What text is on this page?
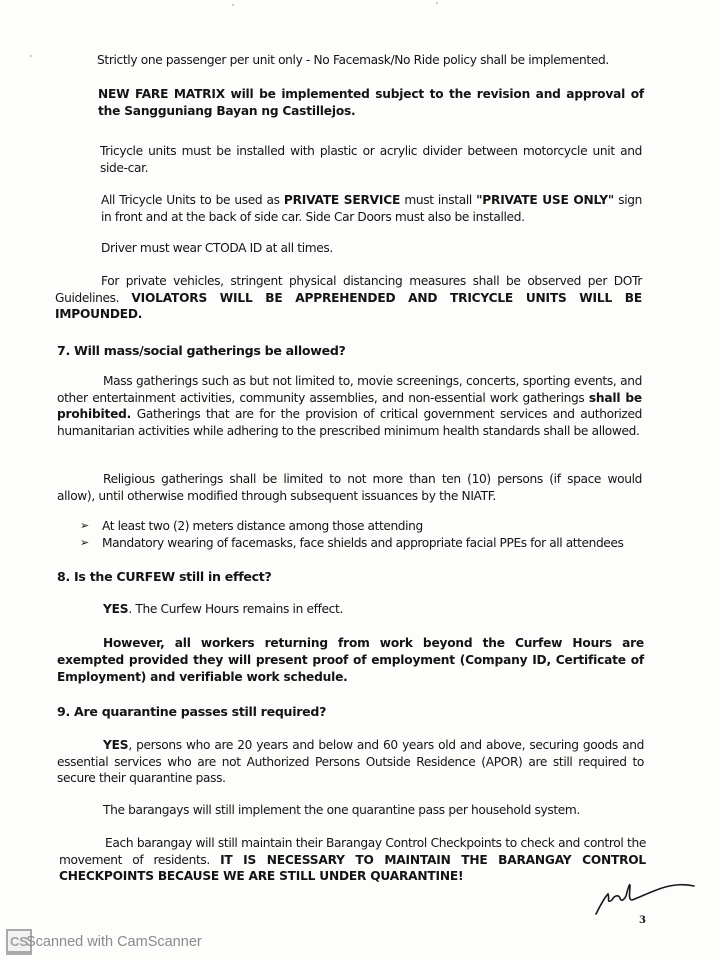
Strictly one passenger per unit only - No Facemask/No Ride policy shall be implemented.

NEW FARE MATRIX will be implemented subject to the revision and approval of the Sangguniang Bayan ng Castillejos.

Tricycle units must be installed with plastic or acrylic divider between motorcycle unit and side-car.

All Tricycle Units to be used as PRIVATE SERVICE must install "PRIVATE USE ONLY" sign in front and at the back of side car. Side Car Doors must also be installed.

Driver must wear CTODA ID at all times.

For private vehicles, stringent physical distancing measures shall be observed per DOTr Guidelines. VIOLATORS WILL BE APPREHENDED AND TRICYCLE UNITS WILL BE IMPOUNDED.

7. Will mass/social gatherings be allowed?

Mass gatherings such as but not limited to, movie screenings, concerts, sporting events, and other entertainment activities, community assemblies, and non-essential work gatherings shall be prohibited. Gatherings that are for the provision of critical government services and authorized humanitarian activities while adhering to the prescribed minimum health standards shall be allowed.

Religious gatherings shall be limited to not more than ten (10) persons (if space would allow), until otherwise modified through subsequent issuances by the NIATF.

➢	At least two (2) meters distance among those attending
➢	Mandatory wearing of facemasks, face shields and appropriate facial PPEs for all attendees

8. Is the CURFEW still in effect?

YES. The Curfew Hours remains in effect.

However, all workers returning from work beyond the Curfew Hours are exempted provided they will present proof of employment (Company ID, Certificate of Employment) and verifiable work schedule.

9. Are quarantine passes still required?

YES, persons who are 20 years and below and 60 years old and above, securing goods and essential services who are not Authorized Persons Outside Residence (APOR) are still required to secure their quarantine pass.

The barangays will still implement the one quarantine pass per household system.

Each barangay will still maintain their Barangay Control Checkpoints to check and control the movement of residents. IT IS NECESSARY TO MAINTAIN THE BARANGAY CONTROL CHECKPOINTS BECAUSE WE ARE STILL UNDER QUARANTINE!

3
CS
Scanned with CamScanner
